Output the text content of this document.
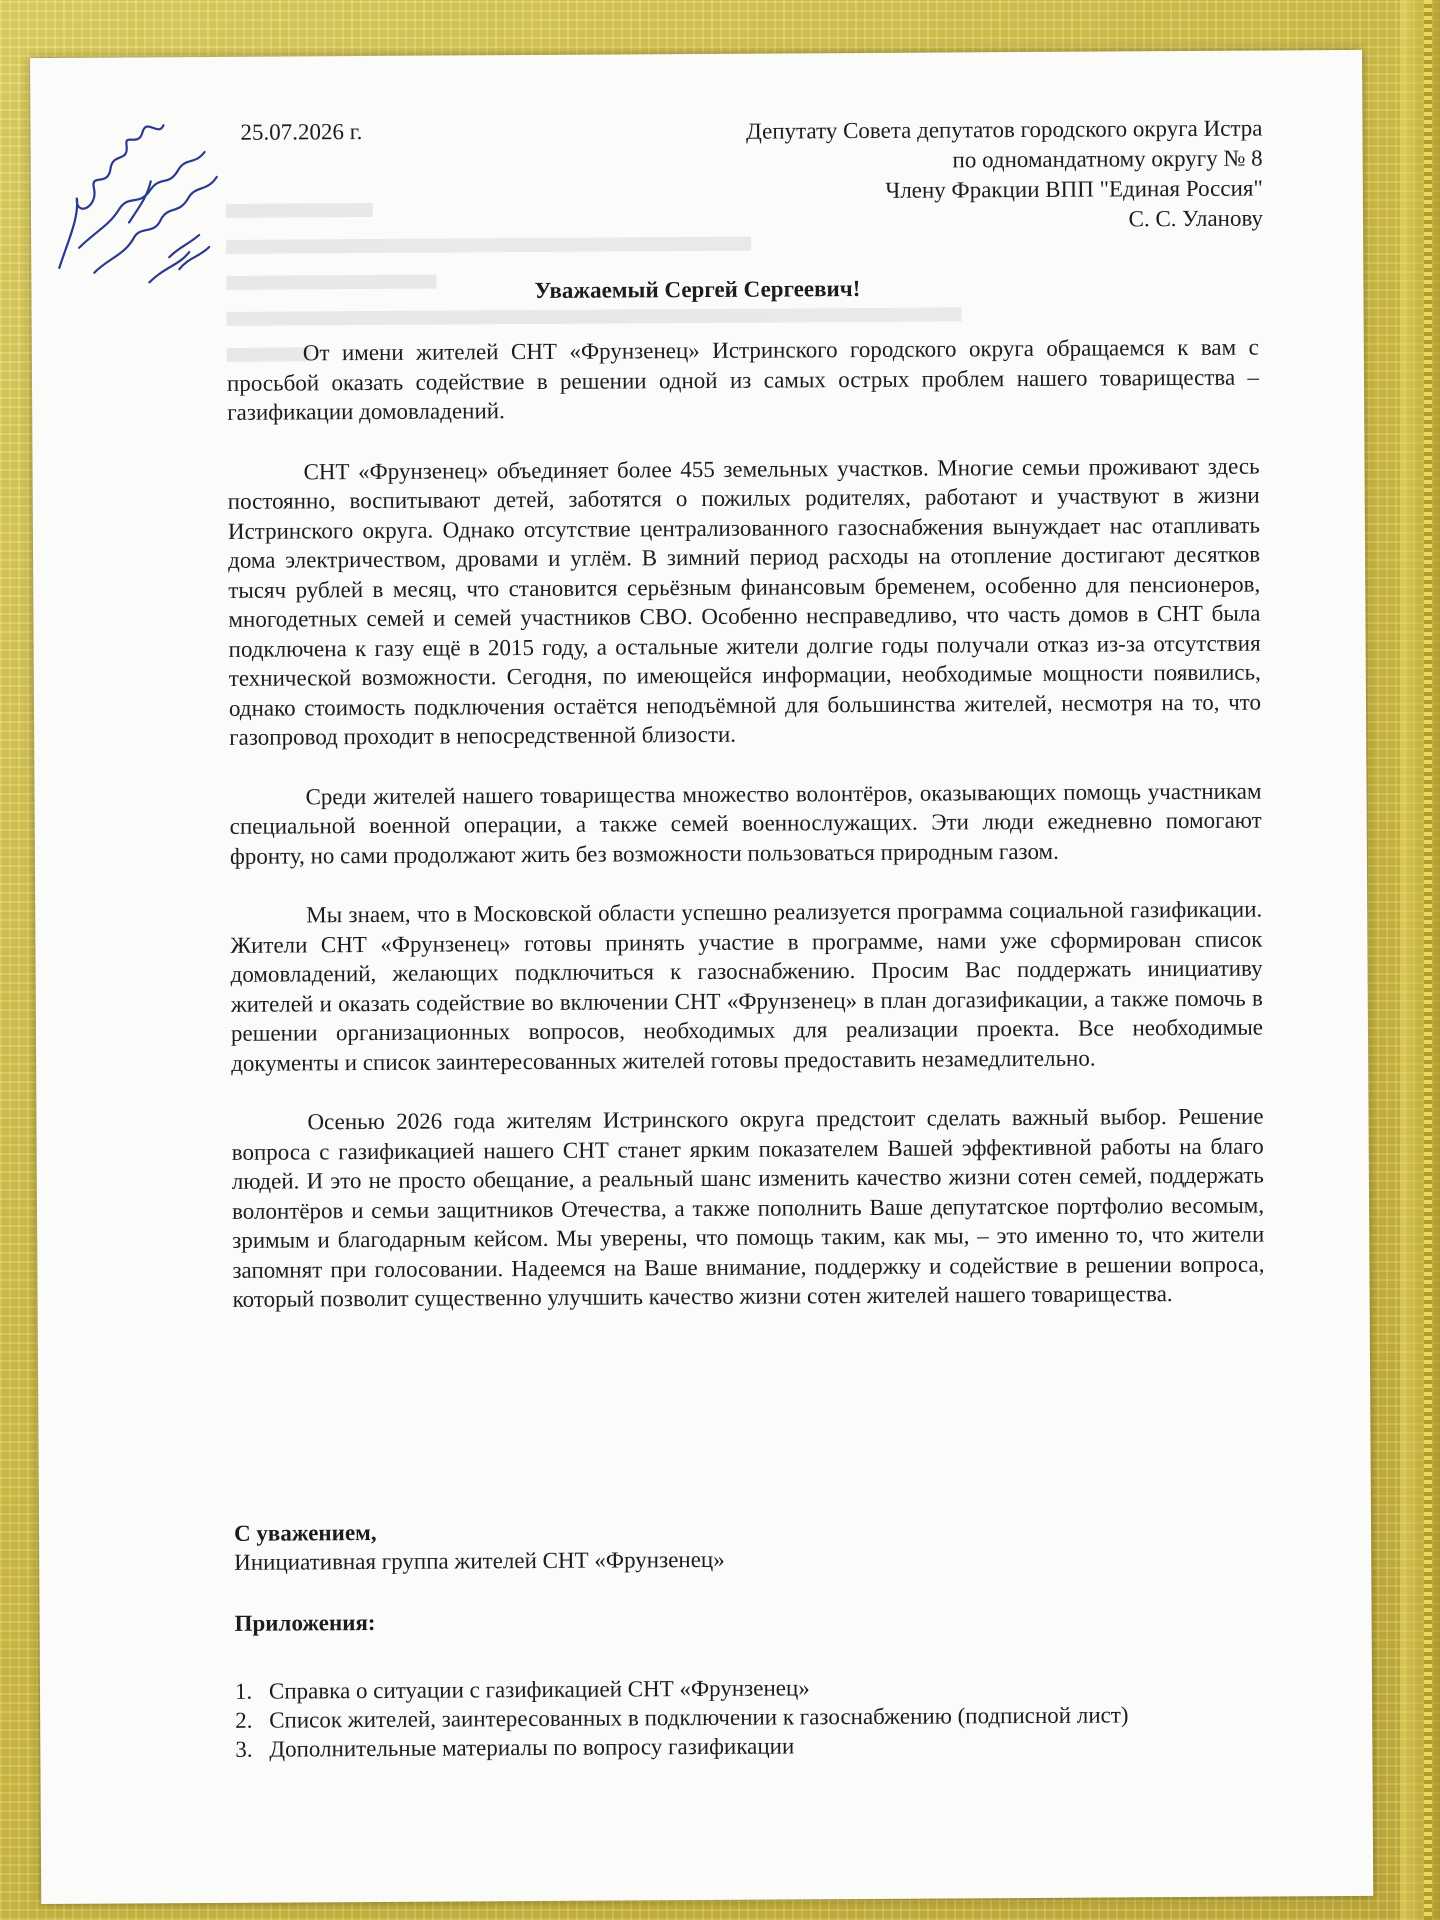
25.07.2026 г.	Депутату Совета депутатов городского округа Истра
по одномандатному округу № 8
Члену Фракции ВПП "Единая Россия"
С. С. Уланову
Уважаемый Сергей Сергеевич!

От имени жителей СНТ «Фрунзенец» Истринского городского округа обращаемся к вам с просьбой оказать содействие в решении одной из самых острых проблем нашего товарищества – газификации домовладений.

СНТ «Фрунзенец» объединяет более 455 земельных участков. Многие семьи проживают здесь постоянно, воспитывают детей, заботятся о пожилых родителях, работают и участвуют в жизни Истринского округа. Однако отсутствие централизованного газоснабжения вынуждает нас отапливать дома электричеством, дровами и углём. В зимний период расходы на отопление достигают десятков тысяч рублей в месяц, что становится серьёзным финансовым бременем, особенно для пенсионеров, многодетных семей и семей участников СВО. Особенно несправедливо, что часть домов в СНТ была подключена к газу ещё в 2015 году, а остальные жители долгие годы получали отказ из-за отсутствия технической возможности. Сегодня, по имеющейся информации, необходимые мощности появились, однако стоимость подключения остаётся неподъёмной для большинства жителей, несмотря на то, что газопровод проходит в непосредственной близости.

Среди жителей нашего товарищества множество волонтёров, оказывающих помощь участникам специальной военной операции, а также семей военнослужащих. Эти люди ежедневно помогают фронту, но сами продолжают жить без возможности пользоваться природным газом.

Мы знаем, что в Московской области успешно реализуется программа социальной газификации. Жители СНТ «Фрунзенец» готовы принять участие в программе, нами уже сформирован список домовладений, желающих подключиться к газоснабжению. Просим Вас поддержать инициативу жителей и оказать содействие во включении СНТ «Фрунзенец» в план догазификации, а также помочь в решении организационных вопросов, необходимых для реализации проекта. Все необходимые документы и список заинтересованных жителей готовы предоставить незамедлительно.

Осенью 2026 года жителям Истринского округа предстоит сделать важный выбор. Решение вопроса с газификацией нашего СНТ станет ярким показателем Вашей эффективной работы на благо людей. И это не просто обещание, а реальный шанс изменить качество жизни сотен семей, поддержать волонтёров и семьи защитников Отечества, а также пополнить Ваше депутатское портфолио весомым, зримым и благодарным кейсом. Мы уверены, что помощь таким, как мы, – это именно то, что жители запомнят при голосовании. Надеемся на Ваше внимание, поддержку и содействие в решении вопроса, который позволит существенно улучшить качество жизни сотен жителей нашего товарищества.

С уважением,
Инициативная группа жителей СНТ «Фрунзенец»
Приложения:
1. Справка о ситуации с газификацией СНТ «Фрунзенец»
2. Список жителей, заинтересованных в подключении к газоснабжению (подписной лист)
3. Дополнительные материалы по вопросу газификации
